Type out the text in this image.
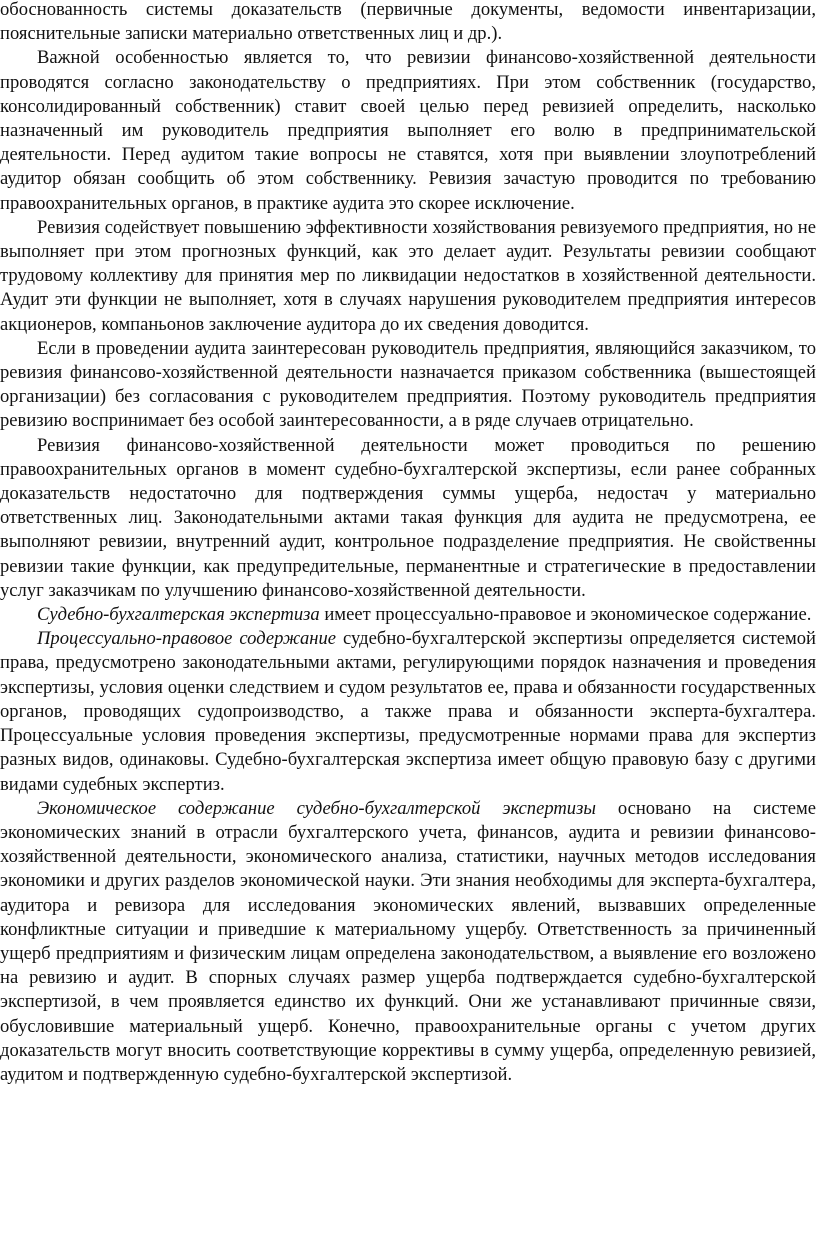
обоснованность системы доказательств (первичные документы, ведомости инвентаризации, пояснительные записки материально ответственных лиц и др.).

Важной особенностью является то, что ревизии финансово-хозяйственной деятельности проводятся согласно законодательству о предприятиях. При этом собственник (государство, консолидированный собственник) ставит своей целью перед ревизией определить, насколько назначенный им руководитель предприятия выполняет его волю в предпринимательской деятельности. Перед аудитом такие вопросы не ставятся, хотя при выявлении злоупотреблений аудитор обязан сообщить об этом собственнику. Ревизия зачастую проводится по требованию правоохранительных органов, в практике аудита это скорее исключение.

Ревизия содействует повышению эффективности хозяйствования ревизуемого предприятия, но не выполняет при этом прогнозных функций, как это делает аудит. Результаты ревизии сообщают трудовому коллективу для принятия мер по ликвидации недостатков в хозяйственной деятельности. Аудит эти функции не выполняет, хотя в случаях нарушения руководителем предприятия интересов акционеров, компаньонов заключение аудитора до их сведения доводится.

Если в проведении аудита заинтересован руководитель предприятия, являющийся заказчиком, то ревизия финансово-хозяйственной деятельности назначается приказом собственника (вышестоящей организации) без согласования с руководителем предприятия. Поэтому руководитель предприятия ревизию воспринимает без особой заинтересованности, а в ряде случаев отрицательно.

Ревизия финансово-хозяйственной деятельности может проводиться по решению правоохранительных органов в момент судебно-бухгалтерской экспертизы, если ранее собранных доказательств недостаточно для подтверждения суммы ущерба, недостач у материально ответственных лиц. Законодательными актами такая функция для аудита не предусмотрена, ее выполняют ревизии, внутренний аудит, контрольное подразделение предприятия. Не свойственны ревизии такие функции, как предупредительные, перманентные и стратегические в предоставлении услуг заказчикам по улучшению финансово-хозяйственной деятельности.

Судебно-бухгалтерская экспертиза имеет процессуально-правовое и экономическое содержание.

Процессуально-правовое содержание судебно-бухгалтерской экспертизы определяется системой права, предусмотрено законодательными актами, регулирующими порядок назначения и проведения экспертизы, условия оценки следствием и судом результатов ее, права и обязанности государственных органов, проводящих судопроизводство, а также права и обязанности эксперта-бухгалтера. Процессуальные условия проведения экспертизы, предусмотренные нормами права для экспертиз разных видов, одинаковы. Судебно-бухгалтерская экспертиза имеет общую правовую базу с другими видами судебных экспертиз.

Экономическое содержание судебно-бухгалтерской экспертизы основано на системе экономических знаний в отрасли бухгалтерского учета, финансов, аудита и ревизии финансово-хозяйственной деятельности, экономического анализа, статистики, научных методов исследования экономики и других разделов экономической науки. Эти знания необходимы для эксперта-бухгалтера, аудитора и ревизора для исследования экономических явлений, вызвавших определенные конфликтные ситуации и приведшие к материальному ущербу. Ответственность за причиненный ущерб предприятиям и физическим лицам определена законодательством, а выявление его возложено на ревизию и аудит. В спорных случаях размер ущерба подтверждается судебно-бухгалтерской экспертизой, в чем проявляется единство их функций. Они же устанавливают причинные связи, обусловившие материальный ущерб. Конечно, правоохранительные органы с учетом других доказательств могут вносить соответствующие коррективы в сумму ущерба, определенную ревизией, аудитом и подтвержденную судебно-бухгалтерской экспертизой.
